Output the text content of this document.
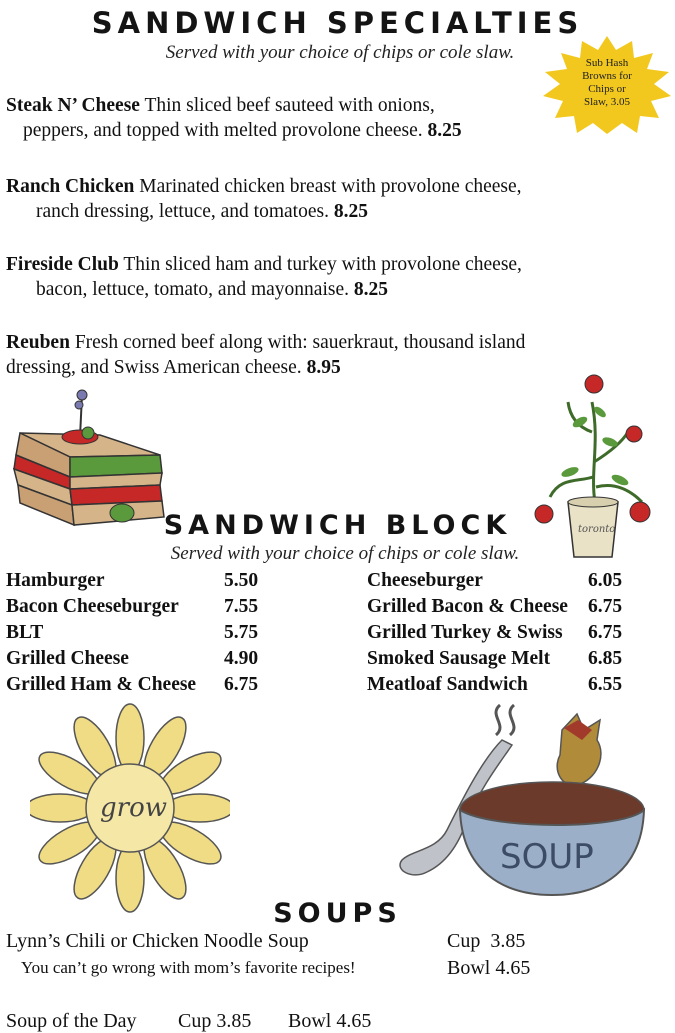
SANDWICH SPECIALTIES
Served with your choice of chips or cole slaw.	Sub Hash
Browns for
Chips or
Slaw, 3.05
Steak N’ Cheese Thin sliced beef sauteed with onions,
peppers, and topped with melted provolone cheese. 8.25
Ranch Chicken Marinated chicken breast with provolone cheese,
ranch dressing, lettuce, and tomatoes. 8.25
Fireside Club Thin sliced ham and turkey with provolone cheese,
bacon, lettuce, tomato, and mayonnaise. 8.25
Reuben Fresh corned beef along with: sauerkraut, thousand island
dressing, and Swiss American cheese. 8.95
toronto
SANDWICH BLOCK
Served with your choice of chips or cole slaw.
Hamburger	5.50
Bacon Cheeseburger 7.55
BLT	5.75
Grilled Cheese	4.90
Grilled Ham & Cheese 6.75
Cheeseburger	6.05
Grilled Bacon & Cheese 6.75
Grilled Turkey & Swiss 6.75
Smoked Sausage Melt 6.85
Meatloaf Sandwich	6.55
grow
SOUP
SOUPS
Lynn’s Chili or Chicken Noodle Soup	Cup  3.85
You can’t go wrong with mom’s favorite recipes!	Bowl 4.65
Soup of the Day Cup 3.85 Bowl 4.65
